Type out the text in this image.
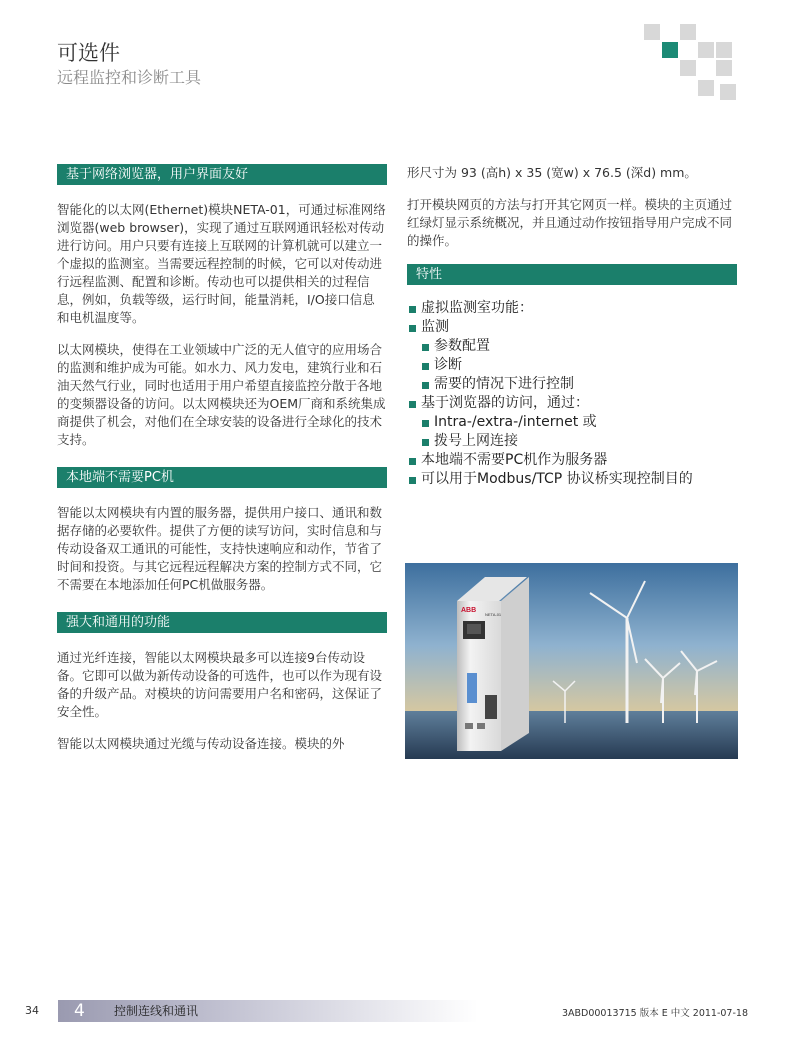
可选件
远程监控和诊断工具
基于网络浏览器，用户界面友好

智能化的以太网(Ethernet)模块NETA-01，可通过标准网络浏览器(web browser)，实现了通过互联网通讯轻松对传动进行访问。用户只要有连接上互联网的计算机就可以建立一个虚拟的监测室。当需要远程控制的时候，它可以对传动进行远程监测、配置和诊断。传动也可以提供相关的过程信息，例如，负载等级，运行时间，能量消耗，I/O接口信息和电机温度等。

以太网模块，使得在工业领域中广泛的无人值守的应用场合的监测和维护成为可能。如水力、风力发电，建筑行业和石油天然气行业，同时也适用于用户希望直接监控分散于各地的变频器设备的访问。以太网模块还为OEM厂商和系统集成商提供了机会，对他们在全球安装的设备进行全球化的技术支持。

本地端不需要PC机

智能以太网模块有内置的服务器，提供用户接口、通讯和数据存储的必要软件。提供了方便的读写访问，实时信息和与传动设备双工通讯的可能性，支持快速响应和动作，节省了时间和投资。与其它远程远程解决方案的控制方式不同，它不需要在本地添加任何PC机做服务器。

强大和通用的功能

通过光纤连接，智能以太网模块最多可以连接9台传动设备。它即可以做为新传动设备的可选件，也可以作为现有设备的升级产品。对模块的访问需要用户名和密码，这保证了安全性。

智能以太网模块通过光缆与传动设备连接。模块的外

形尺寸为 93 (高h) x 35 (宽w) x 76.5 (深d) mm。

打开模块网页的方法与打开其它网页一样。模块的主页通过红绿灯显示系统概况，并且通过动作按钮指导用户完成不同的操作。

特性
虚拟监测室功能：
监测
参数配置
诊断
需要的情况下进行控制
基于浏览器的访问，通过：
Intra-/extra-/internet 或
拨号上网连接
本地端不需要PC机作为服务器
可以用于Modbus/TCP 协议桥实现控制目的
ABB
NETA-01
34 4 控制连线和通讯	3ABD00013715 版本 E 中文 2011-07-18
